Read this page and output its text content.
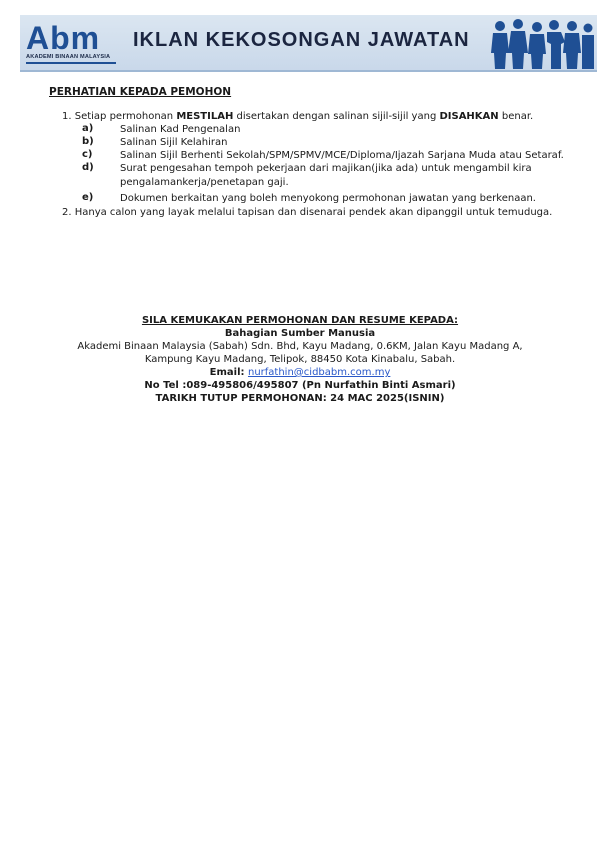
Abm
AKADEMI BINAAN MALAYSIA
IKLAN KEKOSONGAN JAWATAN
PERHATIAN KEPADA PEMOHON
1. Setiap permohonan MESTILAH disertakan dengan salinan sijil-sijil yang DISAHKAN benar.
a)	Salinan Kad Pengenalan
b)	Salinan Sijil Kelahiran
c)	Salinan Sijil Berhenti Sekolah/SPM/SPMV/MCE/Diploma/Ijazah Sarjana Muda atau Setaraf.
d)	Surat pengesahan tempoh pekerjaan dari majikan(jika ada) untuk mengambil kira
pengalamankerja/penetapan gaji.
e)	Dokumen berkaitan yang boleh menyokong permohonan jawatan yang berkenaan.
2. Hanya calon yang layak melalui tapisan dan disenarai pendek akan dipanggil untuk temuduga.
SILA KEMUKAKAN PERMOHONAN DAN RESUME KEPADA:
Bahagian Sumber Manusia
Akademi Binaan Malaysia (Sabah) Sdn. Bhd, Kayu Madang, 0.6KM, Jalan Kayu Madang A,
Kampung Kayu Madang, Telipok, 88450 Kota Kinabalu, Sabah.
Email: nurfathin@cidbabm.com.my
No Tel :089-495806/495807 (Pn Nurfathin Binti Asmari)
TARIKH TUTUP PERMOHONAN: 24 MAC 2025(ISNIN)
